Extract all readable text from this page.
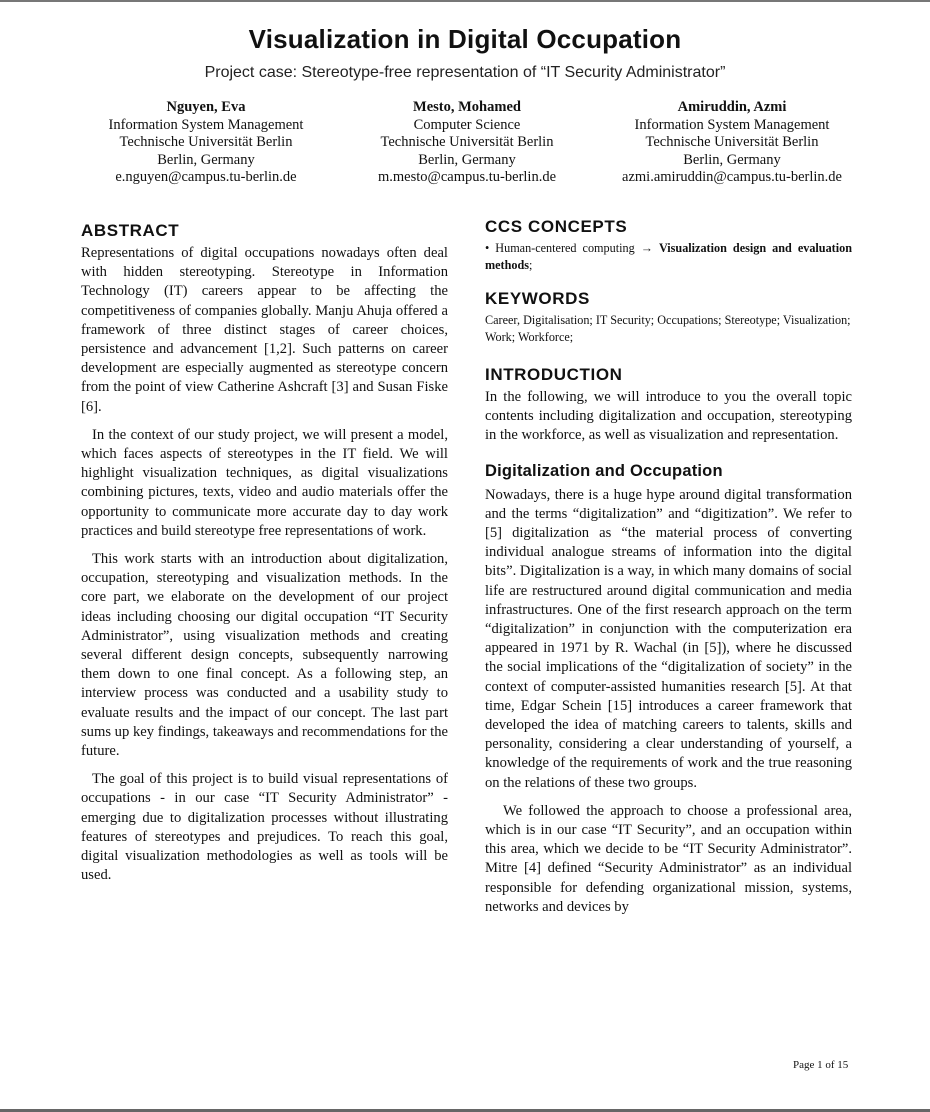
Visualization in Digital Occupation
Project case: Stereotype-free representation of “IT Security Administrator”
Nguyen, Eva
Information System Management
Technische Universität Berlin
Berlin, Germany
e.nguyen@campus.tu-berlin.de
Mesto, Mohamed
Computer Science
Technische Universität Berlin
Berlin, Germany
m.mesto@campus.tu-berlin.de
Amiruddin, Azmi
Information System Management
Technische Universität Berlin
Berlin, Germany
azmi.amiruddin@campus.tu-berlin.de
ABSTRACT

Representations of digital occupations nowadays often deal with hidden stereotyping. Stereotype in Information Technology (IT) careers appear to be affecting the competitiveness of companies globally. Manju Ahuja offered a framework of three distinct stages of career choices, persistence and advancement [1,2]. Such patterns on career development are especially augmented as stereotype concern from the point of view Catherine Ashcraft [3] and Susan Fiske [6].

In the context of our study project, we will present a model, which faces aspects of stereotypes in the IT field. We will highlight visualization techniques, as digital visualizations combining pictures, texts, video and audio materials offer the opportunity to communicate more accurate day to day work practices and build stereotype free representations of work.

This work starts with an introduction about digitalization, occupation, stereotyping and visualization methods. In the core part, we elaborate on the development of our project ideas including choosing our digital occupation “IT Security Administrator”, using visualization methods and creating several different design concepts, subsequently narrowing them down to one final concept. As a following step, an interview process was conducted and a usability study to evaluate results and the impact of our concept. The last part sums up key findings, takeaways and recommendations for the future.

The goal of this project is to build visual representations of occupations - in our case “IT Security Administrator” - emerging due to digitalization processes without illustrating features of stereotypes and prejudices. To reach this goal, digital visualization methodologies as well as tools will be used.

CCS CONCEPTS

• Human-centered computing → Visualization design and evaluation methods;

KEYWORDS

Career, Digitalisation; IT Security; Occupations; Stereotype; Visualization; Work; Workforce;

INTRODUCTION

In the following, we will introduce to you the overall topic contents including digitalization and occupation, stereotyping in the workforce, as well as visualization and representation.

Digitalization and Occupation

Nowadays, there is a huge hype around digital transformation and the terms “digitalization” and “digitization”. We refer to [5] digitalization as “the material process of converting individual analogue streams of information into the digital bits”. Digitalization is a way, in which many domains of social life are restructured around digital communication and media infrastructures. One of the first research approach on the term “digitalization” in conjunction with the computerization era appeared in 1971 by R. Wachal (in [5]), where he discussed the social implications of the “digitalization of society” in the context of computer-assisted humanities research [5]. At that time, Edgar Schein [15] introduces a career framework that developed the idea of matching careers to talents, skills and personality, considering a clear understanding of yourself, a knowledge of the requirements of work and the true reasoning on the relations of these two groups.

We followed the approach to choose a professional area, which is in our case “IT Security”, and an occupation within this area, which we decide to be “IT Security Administrator”. Mitre [4] defined “Security Administrator” as an individual responsible for defending organizational mission, systems, networks and devices by

Page 1 of 15
